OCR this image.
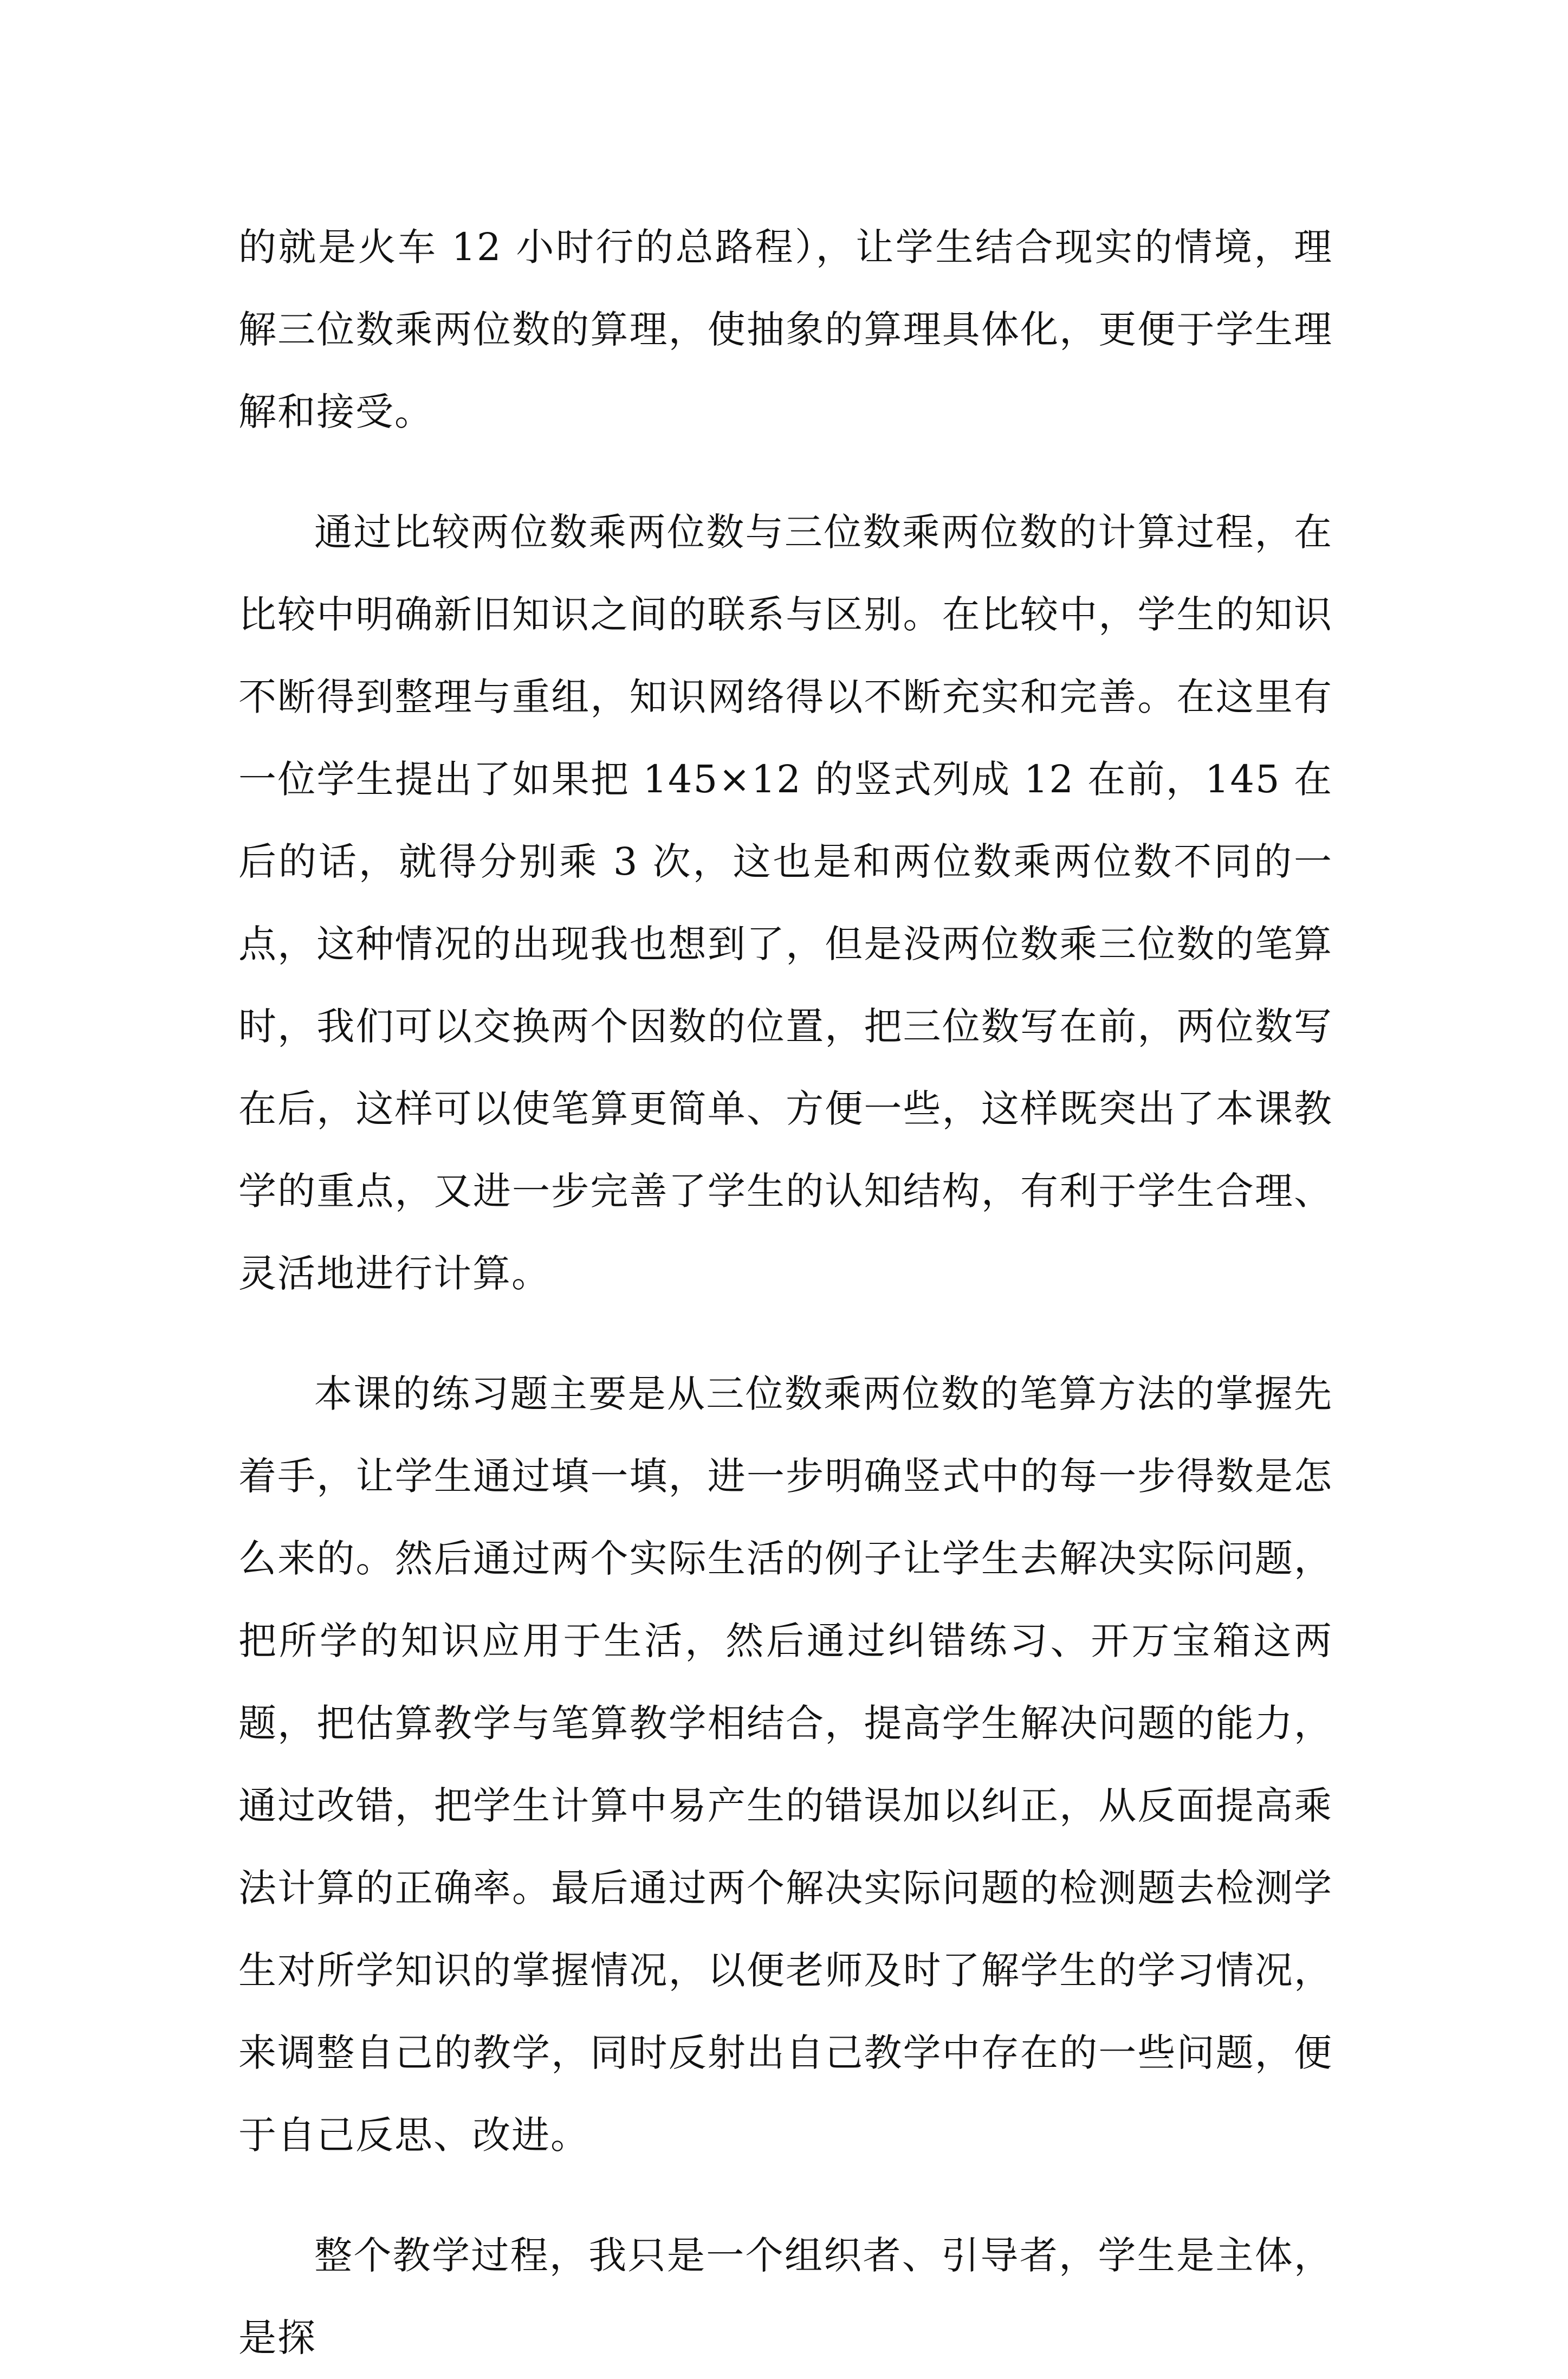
的就是火车 12 小时行的总路程），让学生结合现实的情境，理解三位数乘两位数的算理，使抽象的算理具体化，更便于学生理解和接受。

通过比较两位数乘两位数与三位数乘两位数的计算过程，在比较中明确新旧知识之间的联系与区别。在比较中，学生的知识不断得到整理与重组，知识网络得以不断充实和完善。在这里有一位学生提出了如果把 145×12 的竖式列成 12 在前，145 在后的话，就得分别乘 3 次，这也是和两位数乘两位数不同的一点，这种情况的出现我也想到了，但是没两位数乘三位数的笔算时，我们可以交换两个因数的位置，把三位数写在前，两位数写在后，这样可以使笔算更简单、方便一些，这样既突出了本课教学的重点，又进一步完善了学生的认知结构，有利于学生合理、灵活地进行计算。

本课的练习题主要是从三位数乘两位数的笔算方法的掌握先着手，让学生通过填一填，进一步明确竖式中的每一步得数是怎么来的。然后通过两个实际生活的例子让学生去解决实际问题，把所学的知识应用于生活，然后通过纠错练习、开万宝箱这两题，把估算教学与笔算教学相结合，提高学生解决问题的能力，通过改错，把学生计算中易产生的错误加以纠正，从反面提高乘法计算的正确率。最后通过两个解决实际问题的检测题去检测学生对所学知识的掌握情况，以便老师及时了解学生的学习情况，来调整自己的教学，同时反射出自己教学中存在的一些问题，便于自己反思、改进。

整个教学过程，我只是一个组织者、引导者，学生是主体，是探
